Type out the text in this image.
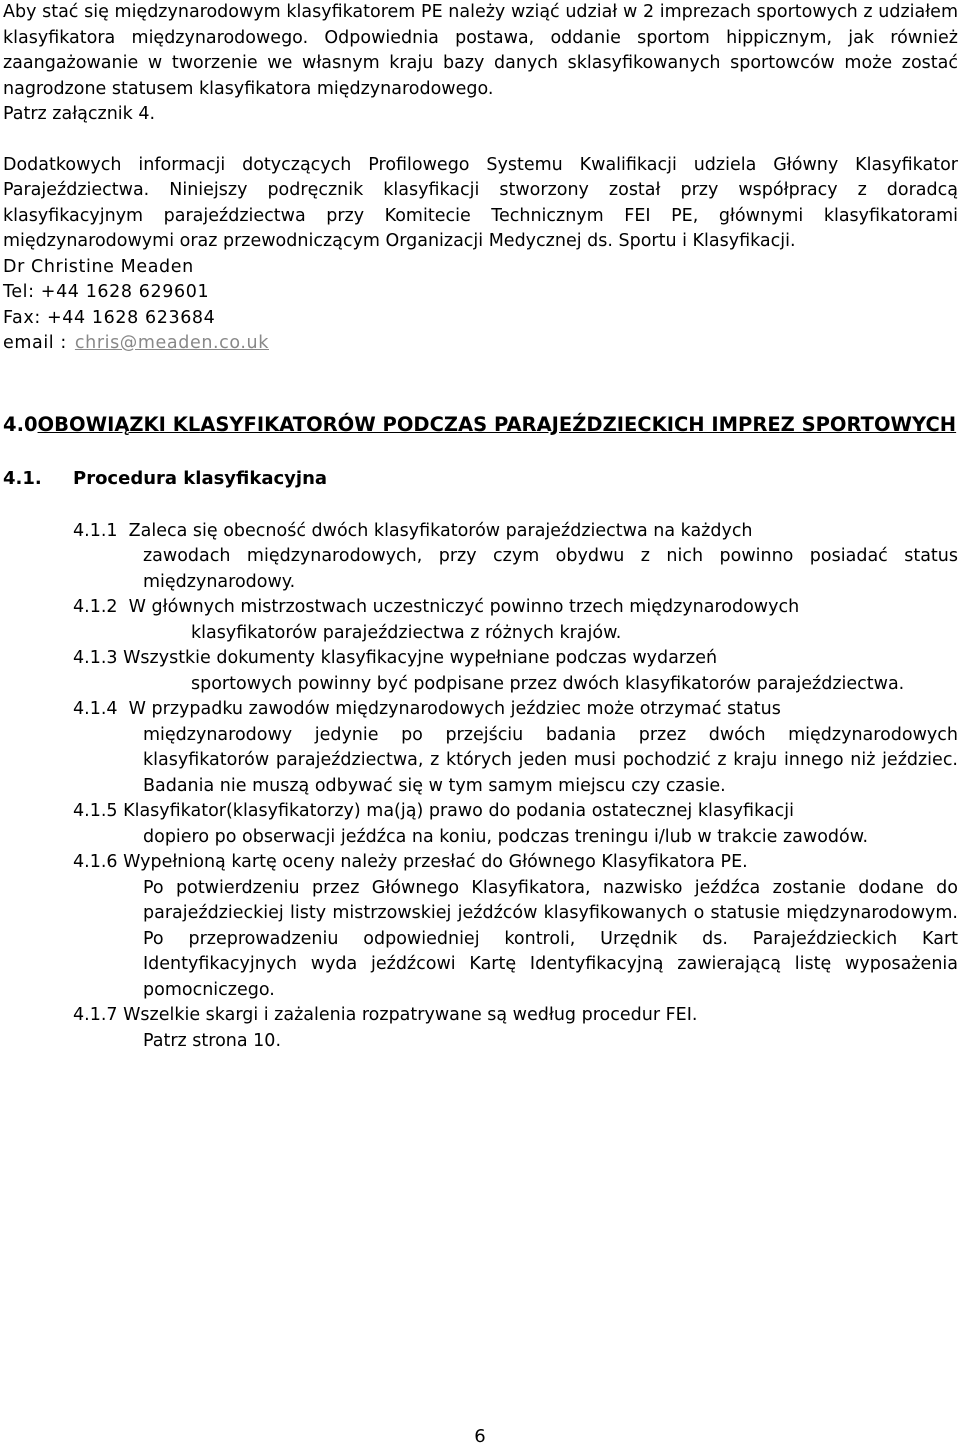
Aby stać się międzynarodowym klasyfikatorem PE należy wziąć udział w 2 imprezach sportowych z udziałem klasyfikatora międzynarodowego. Odpowiednia postawa, oddanie sportom hippicznym, jak również zaangażowanie w tworzenie we własnym kraju bazy danych sklasyfikowanych sportowców może zostać nagrodzone statusem klasyfikatora międzynarodowego.

Patrz załącznik 4.

Dodatkowych informacji dotyczących Profilowego Systemu Kwalifikacji udziela Główny Klasyfikator Parajeździectwa. Niniejszy podręcznik klasyfikacji stworzony został przy współpracy z doradcą klasyfikacyjnym parajeździectwa przy Komitecie Technicznym FEI PE, głównymi klasyfikatorami międzynarodowymi oraz przewodniczącym Organizacji Medycznej ds. Sportu i Klasyfikacji.

Dr Christine Meaden
Tel: +44 1628 629601
Fax: +44 1628 623684
email : chris@meaden.co.uk
4.0OBOWIĄZKI KLASYFIKATORÓW PODCZAS PARAJEŹDZIECKICH IMPREZ SPORTOWYCH
4.1. Procedura klasyfikacyjna
4.1.1 Zaleca się obecność dwóch klasyfikatorów parajeździectwa na każdych
zawodach międzynarodowych, przy czym obydwu z nich powinno posiadać status międzynarodowy.
4.1.2 W głównych mistrzostwach uczestniczyć powinno trzech międzynarodowych
klasyfikatorów parajeździectwa z różnych krajów.
4.1.3 Wszystkie dokumenty klasyfikacyjne wypełniane podczas wydarzeń
sportowych powinny być podpisane przez dwóch klasyfikatorów parajeździectwa.
4.1.4 W przypadku zawodów międzynarodowych jeździec może otrzymać status
międzynarodowy jedynie po przejściu badania przez dwóch międzynarodowych klasyfikatorów parajeździectwa, z których jeden musi pochodzić z kraju innego niż jeździec. Badania nie muszą odbywać się w tym samym miejscu czy czasie.
4.1.5 Klasyfikator(klasyfikatorzy) ma(ją) prawo do podania ostatecznej klasyfikacji
dopiero po obserwacji jeźdźca na koniu, podczas treningu i/lub w trakcie zawodów.
4.1.6 Wypełnioną kartę oceny należy przesłać do Głównego Klasyfikatora PE.
Po potwierdzeniu przez Głównego Klasyfikatora, nazwisko jeźdźca zostanie dodane do parajeździeckiej listy mistrzowskiej jeźdźców klasyfikowanych o statusie międzynarodowym. Po przeprowadzeniu odpowiedniej kontroli, Urzędnik ds. Parajeździeckich Kart Identyfikacyjnych wyda jeźdźcowi Kartę Identyfikacyjną zawierającą listę wyposażenia pomocniczego.
4.1.7 Wszelkie skargi i zażalenia rozpatrywane są według procedur FEI.
Patrz strona 10.
6
